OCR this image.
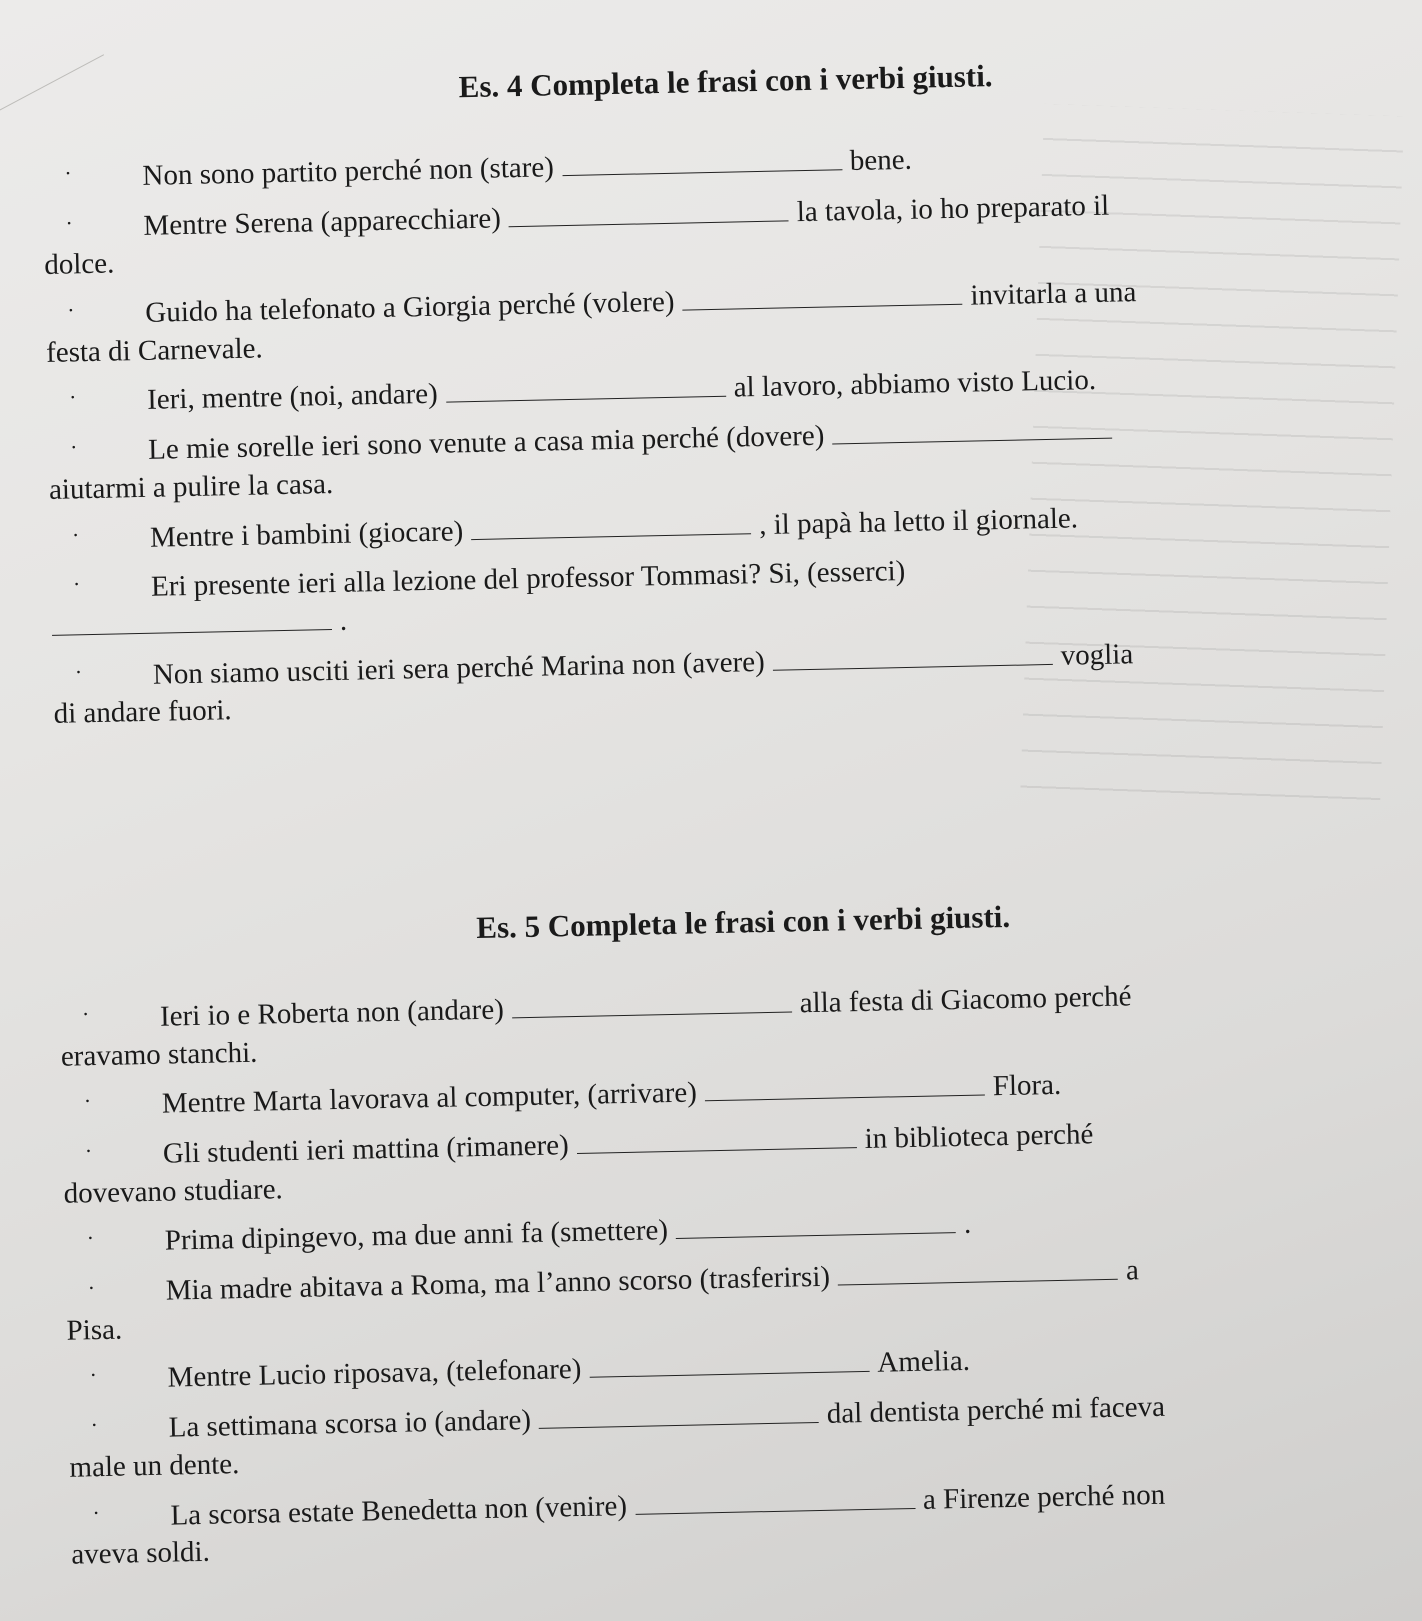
Es. 4 Completa le frasi con i verbi giusti.
· Non sono partito perché non (stare)	bene.
· Mentre Serena (apparecchiare)	la tavola, io ho preparato il
dolce.
· Guido ha telefonato a Giorgia perché (volere)	invitarla a una
festa di Carnevale.
· Ieri, mentre (noi, andare)	al lavoro, abbiamo visto Lucio.
· Le mie sorelle ieri sono venute a casa mia perché (dovere)
aiutarmi a pulire la casa.
· Mentre i bambini (giocare)	, il papà ha letto il giornale.
· Eri presente ieri alla lezione del professor Tommasi? Si, (esserci)
.
· Non siamo usciti ieri sera perché Marina non (avere)	voglia
di andare fuori.
Es. 5 Completa le frasi con i verbi giusti.
· Ieri io e Roberta non (andare)	alla festa di Giacomo perché
eravamo stanchi.
· Mentre Marta lavorava al computer, (arrivare)	Flora.
· Gli studenti ieri mattina (rimanere)	in biblioteca perché
dovevano studiare.
· Prima dipingevo, ma due anni fa (smettere)	.
· Mia madre abitava a Roma, ma l’anno scorso (trasferirsi)	a
Pisa.
· Mentre Lucio riposava, (telefonare)	Amelia.
· La settimana scorsa io (andare)	dal dentista perché mi faceva
male un dente.
· La scorsa estate Benedetta non (venire)	a Firenze perché non
aveva soldi.
